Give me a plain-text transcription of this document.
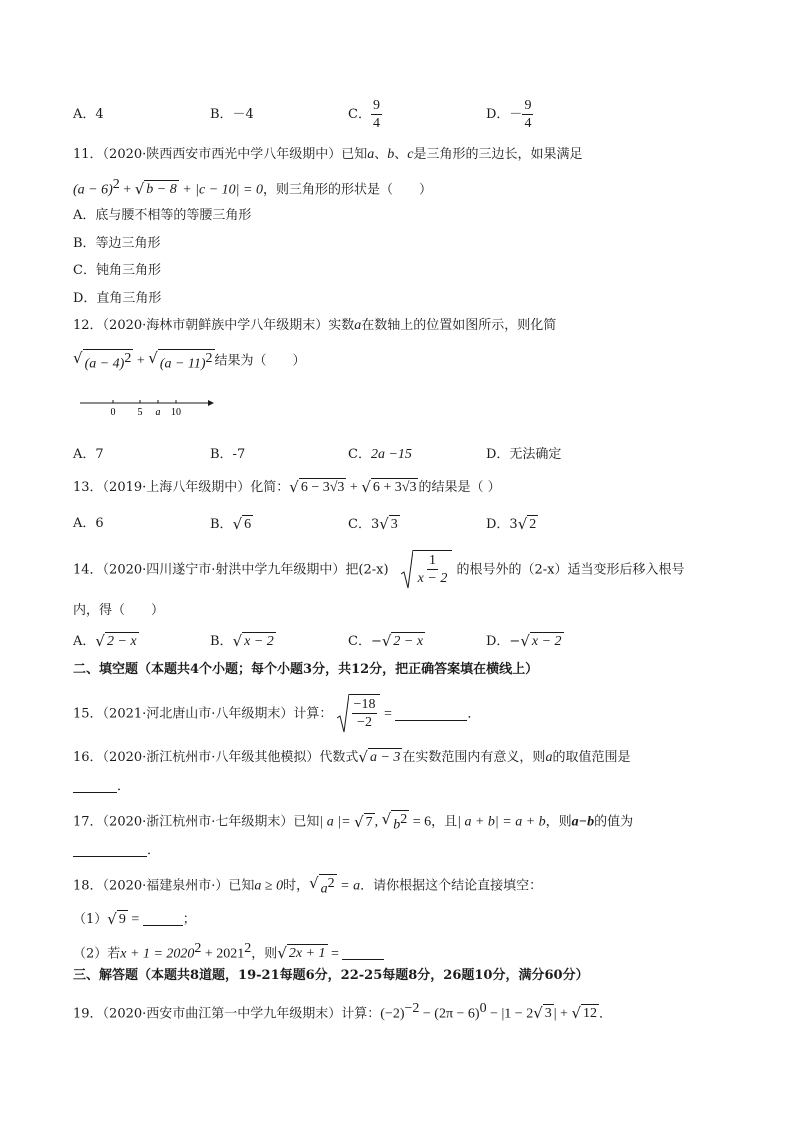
A．4	B．－4	C． $\frac{9}{4}$	D．－ $\frac{9}{4}$
11．（2020·陕西西安市西光中学八年级期中）已知a、b、c是三角形的三边长，如果满足
$(a - 6)^2$ + √ b − 8 + |c − 10| = 0，则三角形的形状是（　　）
A．底与腰不相等的等腰三角形
B．等边三角形
C．钝角三角形
D．直角三角形
12．（2020·海林市朝鲜族中学八年级期末）实数a在数轴上的位置如图所示，则化简
√ $(a - 4)^2$ + √ $(a - 11)^2$ 结果为（　　）
0 5 a 10
A．7	B．-7	C．2a −15	D．无法确定
13．（2019·上海八年级期中）化简： √ 6 − 3√3 + √ 6 + 3√3 的结果是（ ）
A．6	B． √ 6	C．3 √ 3	D．3 √ 2
14．（2020·四川遂宁市·射洪中学九年级期中）把$(2-x) \frac{1}{x - 2}$ 的根号外的（2-x）适当变形后移入根号
内，得（　　）
A． √ 2 − x	B． √ x − 2	C．− √ 2 − x	D．− √ x − 2
二、填空题（本题共4个小题；每个小题3分，共12分，把正确答案填在横线上）
15．（2021·河北唐山市·八年级期末）计算： $\frac{-18}{-2}$ =	．
16．（2020·浙江杭州市·八年级其他模拟）代数式 √ a − 3 在实数范围内有意义，则a的取值范围是
．
17．（2020·浙江杭州市·七年级期末）已知| a |= √ 7 , √ $b^2 = 6$，且| a + b| = a + b，则a−b的值为
．
18．（2020·福建泉州市·）已知a ≥ 0时， √ $a^2 = a$．请你根据这个结论直接填空：
（1） √ 9 =	；
（2）若$x + 1 = 2020^2 + 2021^2$，则 √ 2x + 1 =
三、解答题（本题共8道题，19-21每题6分，22-25每题8分，26题10分，满分60分）
19．（2020·西安市曲江第一中学九年级期末）计算：$(-2)^{-2} - (2\pi - 6)^0 - |1 - 2$ √ 3 | + √ 12 ．
